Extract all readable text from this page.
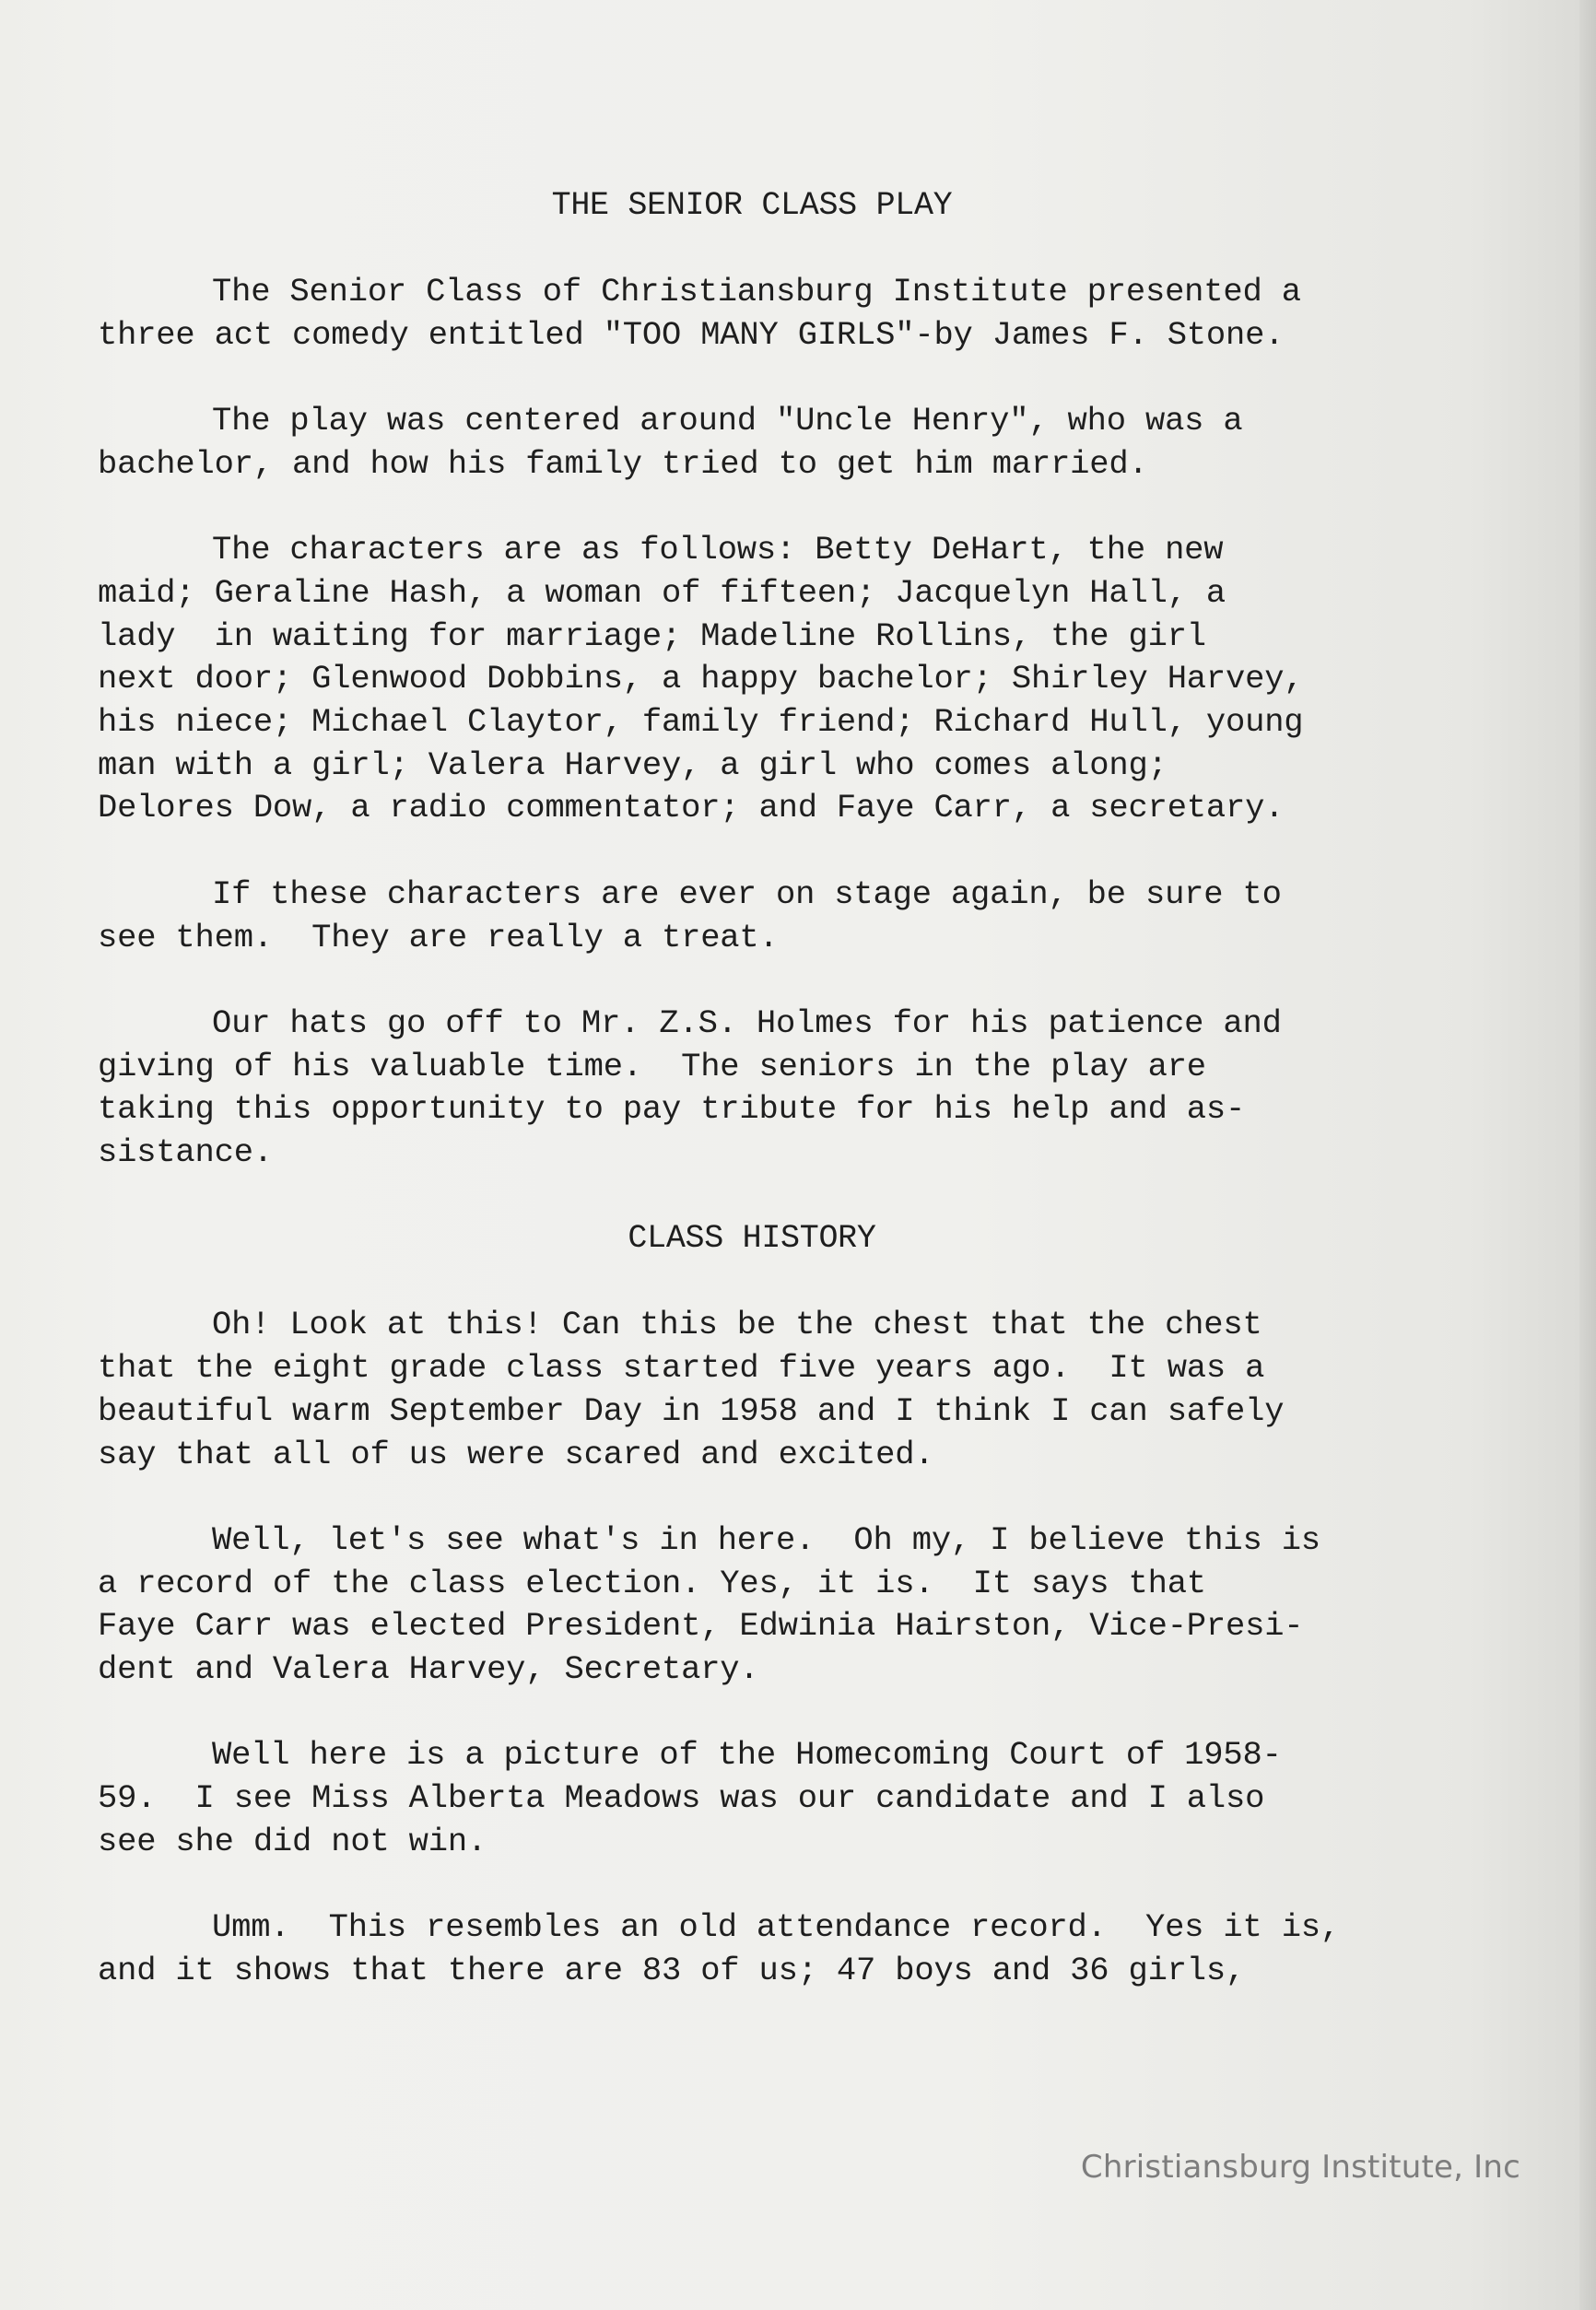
THE SENIOR CLASS PLAY
The Senior Class of Christiansburg Institute presented a
three act comedy entitled "TOO MANY GIRLS"-by James F. Stone.
The play was centered around "Uncle Henry", who was a
bachelor, and how his family tried to get him married.
The characters are as follows: Betty DeHart, the new
maid; Geraline Hash, a woman of fifteen; Jacquelyn Hall, a
lady  in waiting for marriage; Madeline Rollins, the girl
next door; Glenwood Dobbins, a happy bachelor; Shirley Harvey,
his niece; Michael Claytor, family friend; Richard Hull, young
man with a girl; Valera Harvey, a girl who comes along;
Delores Dow, a radio commentator; and Faye Carr, a secretary.
If these characters are ever on stage again, be sure to
see them.  They are really a treat.
Our hats go off to Mr. Z.S. Holmes for his patience and
giving of his valuable time.  The seniors in the play are
taking this opportunity to pay tribute for his help and as-
sistance.
CLASS HISTORY
Oh! Look at this! Can this be the chest that the chest
that the eight grade class started five years ago.  It was a
beautiful warm September Day in 1958 and I think I can safely
say that all of us were scared and excited.
Well, let's see what's in here.  Oh my, I believe this is
a record of the class election. Yes, it is.  It says that
Faye Carr was elected President, Edwinia Hairston, Vice-Presi-
dent and Valera Harvey, Secretary.
Well here is a picture of the Homecoming Court of 1958-
59.  I see Miss Alberta Meadows was our candidate and I also
see she did not win.
Umm.  This resembles an old attendance record.  Yes it is,
and it shows that there are 83 of us; 47 boys and 36 girls,
Christiansburg Institute, Inc
